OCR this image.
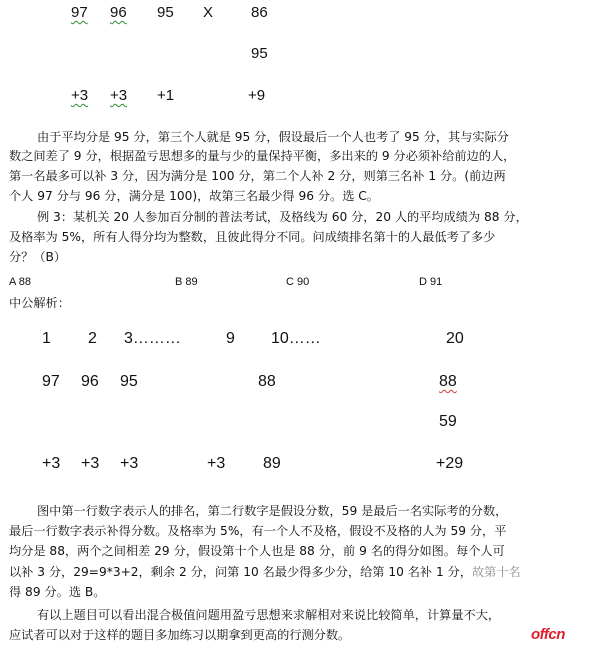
97 96 95 X	86
95
+3 +3 +1	+9
由于平均分是 95 分，第三个人就是 95 分，假设最后一个人也考了 95 分，其与实际分
数之间差了 9 分，根据盈亏思想多的量与少的量保持平衡，多出来的 9 分必须补给前边的人，
第一名最多可以补 3 分，因为满分是 100 分，第二个人补 2 分，则第三名补 1 分。(前边两
个人 97 分与 96 分，满分是 100)，故第三名最少得 96 分。选 C。
例 3：某机关 20 人参加百分制的普法考试，及格线为 60 分，20 人的平均成绩为 88 分，
及格率为 5%，所有人得分均为整数，且彼此得分不同。问成绩排名第十的人最低考了多少
分？（B）
A 88	B 89	C 90	D 91
中公解析：
1 2 3………	9 10……	20
97 96 95	88	88
59
+3 +3 +3	+3 89	+29
图中第一行数字表示人的排名，第二行数字是假设分数，59 是最后一名实际考的分数，
最后一行数字表示补得分数。及格率为 5%，有一个人不及格，假设不及格的人为 59 分，平
均分是 88，两个之间相差 29 分，假设第十个人也是 88 分，前 9 名的得分如图。每个人可
以补 3 分，29=9*3+2，剩余 2 分，问第 10 名最少得多少分，给第 10 名补 1 分，故第十名
得 89 分。选 B。
有以上题目可以看出混合极值问题用盈亏思想来求解相对来说比较简单，计算量不大，
应试者可以对于这样的题目多加练习以期拿到更高的行测分数。	offcn
